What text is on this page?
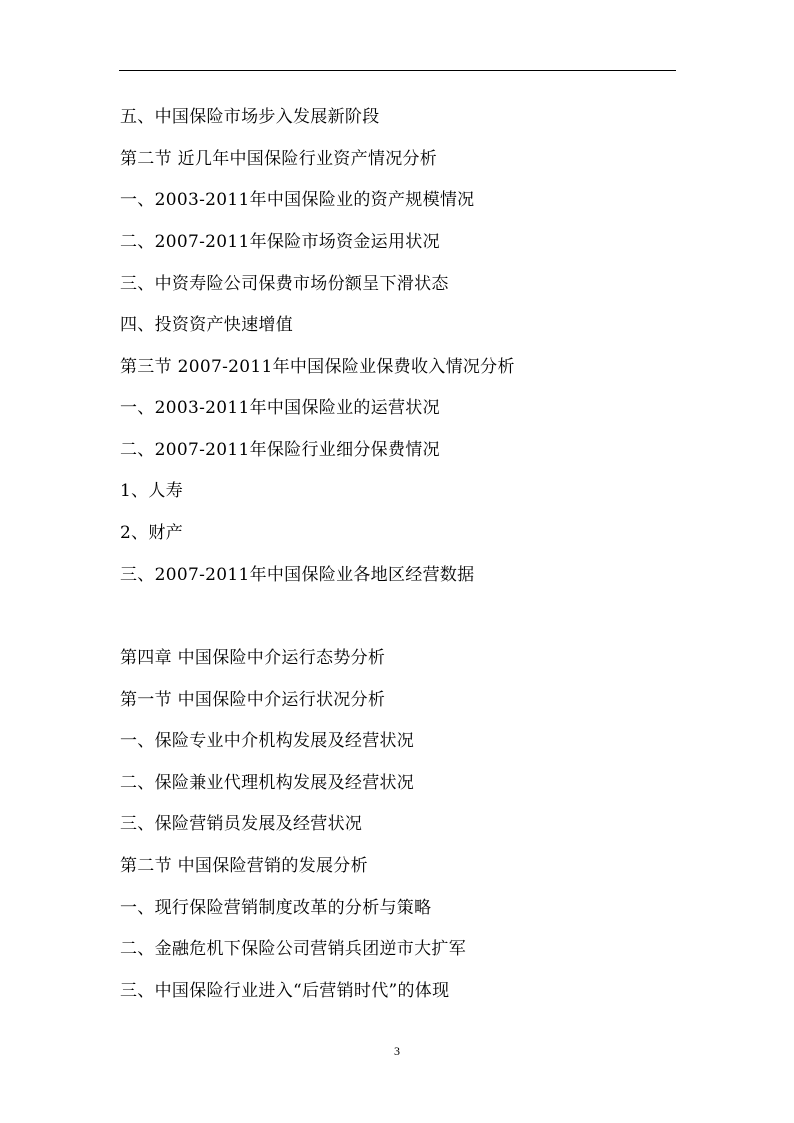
五、中国保险市场步入发展新阶段
第二节 近几年中国保险行业资产情况分析
一、2003-2011年中国保险业的资产规模情况
二、2007-2011年保险市场资金运用状况
三、中资寿险公司保费市场份额呈下滑状态
四、投资资产快速增值
第三节 2007-2011年中国保险业保费收入情况分析
一、2003-2011年中国保险业的运营状况
二、2007-2011年保险行业细分保费情况
1、人寿
2、财产
三、2007-2011年中国保险业各地区经营数据
第四章 中国保险中介运行态势分析
第一节 中国保险中介运行状况分析
一、保险专业中介机构发展及经营状况
二、保险兼业代理机构发展及经营状况
三、保险营销员发展及经营状况
第二节 中国保险营销的发展分析
一、现行保险营销制度改革的分析与策略
二、金融危机下保险公司营销兵团逆市大扩军
三、中国保险行业进入“后营销时代”的体现
3
